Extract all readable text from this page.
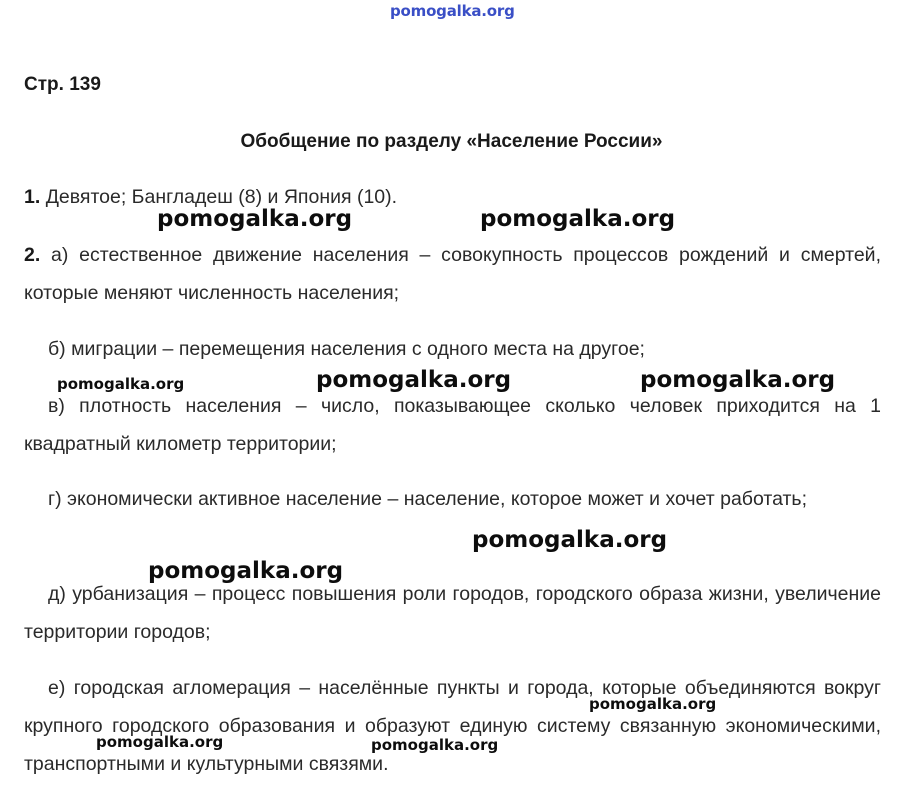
pomogalka.org
Стр. 139
Обобщение по разделу «Население России»
1. Девятое; Бангладеш (8) и Япония (10).
2. а) естественное движение населения – совокупность процессов рождений и смертей, которые меняют численность населения;
б) миграции – перемещения населения с одного места на другое;
в) плотность населения – число, показывающее сколько человек приходится на 1 квадратный километр территории;
г) экономически активное население – население, которое может и хочет работать;
д) урбанизация – процесс повышения роли городов, городского образа жизни, увеличение территории городов;
е) городская агломерация – населённые пункты и города, которые объединяются вокруг крупного городского образования и образуют единую систему связанную экономическими, транспортными и культурными связями.
pomogalka.org	pomogalka.org
pomogalka.org	pomogalka.org	pomogalka.org
pomogalka.org
pomogalka.org
pomogalka.org
pomogalka.org	pomogalka.org
